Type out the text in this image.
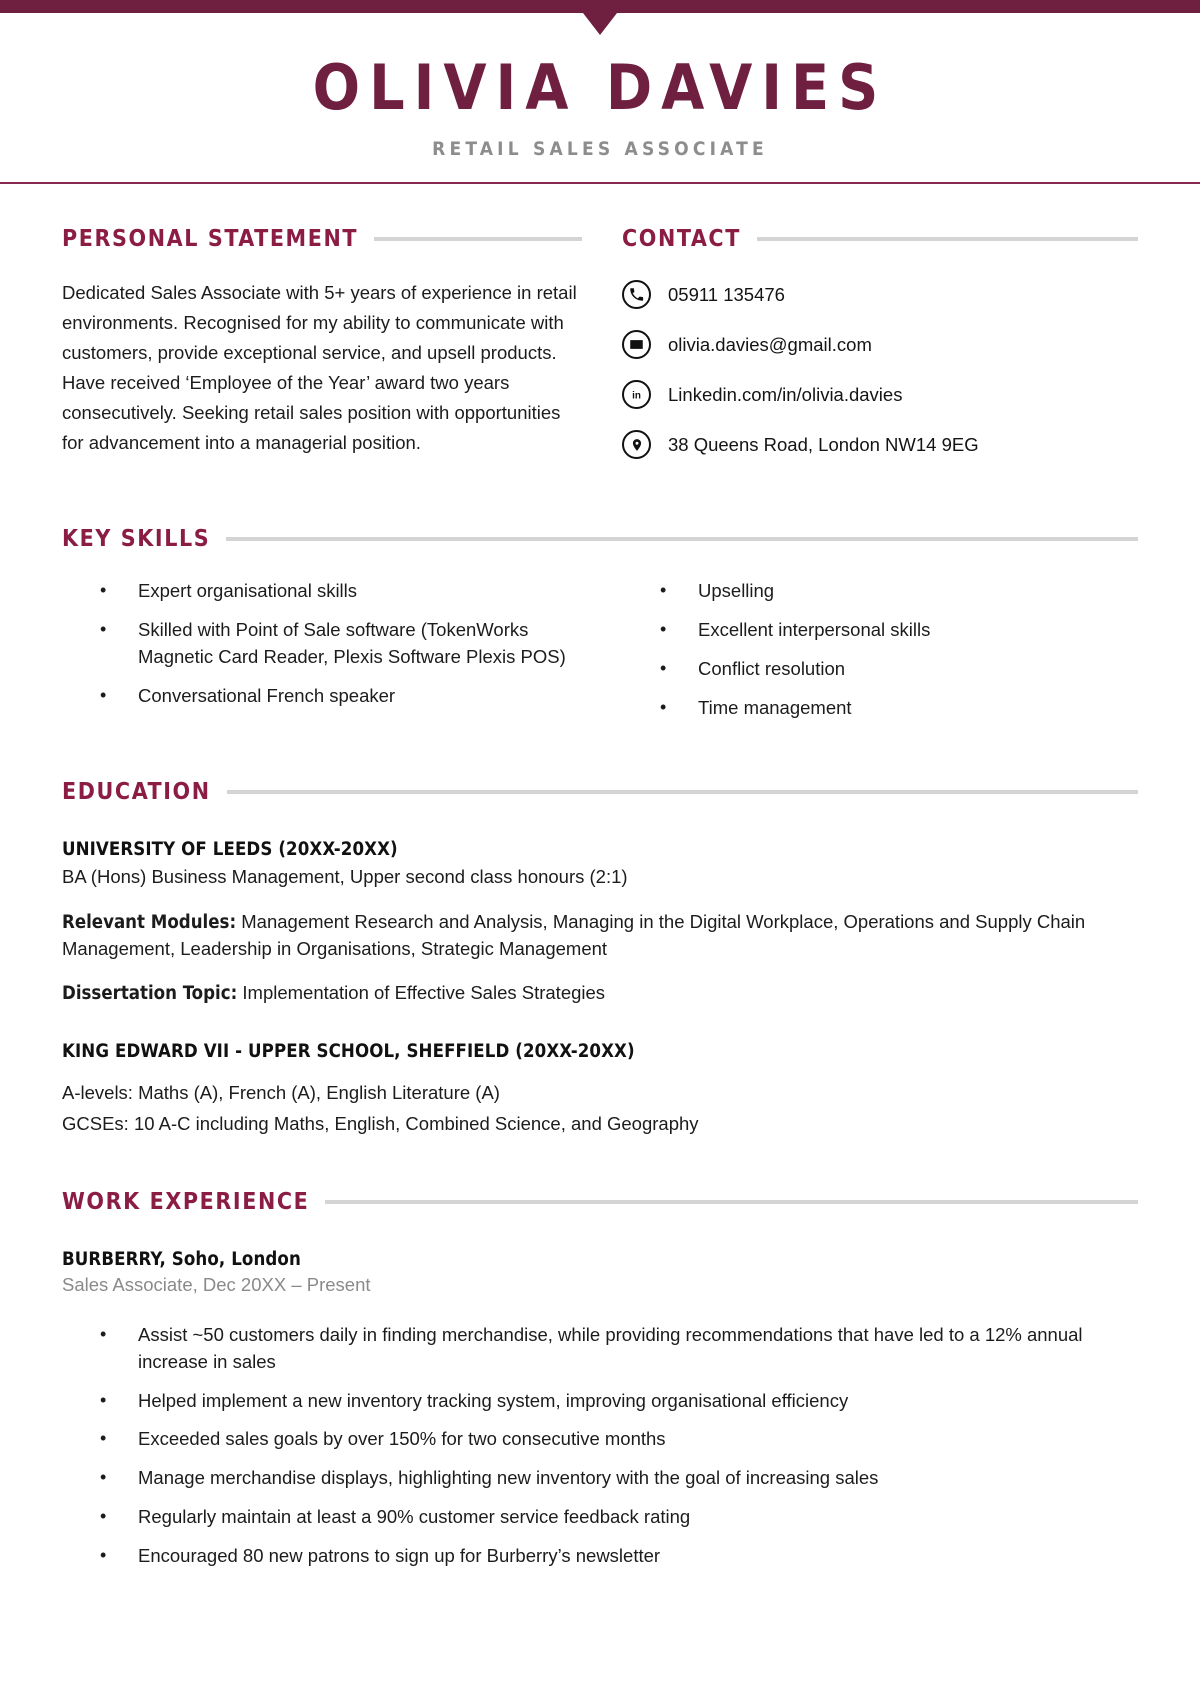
OLIVIA DAVIES
RETAIL SALES ASSOCIATE
PERSONAL STATEMENT

Dedicated Sales Associate with 5+ years of experience in retail environments. Recognised for my ability to communicate with customers, provide exceptional service, and upsell products. Have received ‘Employee of the Year’ award two years consecutively. Seeking retail sales position with opportunities for advancement into a managerial position.

CONTACT
05911 135476
olivia.davies@gmail.com
in Linkedin.com/in/olivia.davies
38 Queens Road, London NW14 9EG
KEY SKILLS
• Expert organisational skills
• Skilled with Point of Sale software (TokenWorks Magnetic Card Reader, Plexis Software Plexis POS)
• Conversational French speaker
• Upselling
• Excellent interpersonal skills
• Conflict resolution
• Time management
EDUCATION
UNIVERSITY OF LEEDS (20XX-20XX)

BA (Hons) Business Management, Upper second class honours (2:1)

Relevant Modules: Management Research and Analysis, Managing in the Digital Workplace, Operations and Supply Chain Management, Leadership in Organisations, Strategic Management

Dissertation Topic: Implementation of Effective Sales Strategies

KING EDWARD VII - UPPER SCHOOL, SHEFFIELD (20XX-20XX)

A-levels: Maths (A), French (A), English Literature (A)

GCSEs: 10 A-C including Maths, English, Combined Science, and Geography

WORK EXPERIENCE
BURBERRY, Soho, London

Sales Associate, Dec 20XX – Present

• Assist ~50 customers daily in finding merchandise, while providing recommendations that have led to a 12% annual increase in sales
• Helped implement a new inventory tracking system, improving organisational efficiency
• Exceeded sales goals by over 150% for two consecutive months
• Manage merchandise displays, highlighting new inventory with the goal of increasing sales
• Regularly maintain at least a 90% customer service feedback rating
• Encouraged 80 new patrons to sign up for Burberry’s newsletter
